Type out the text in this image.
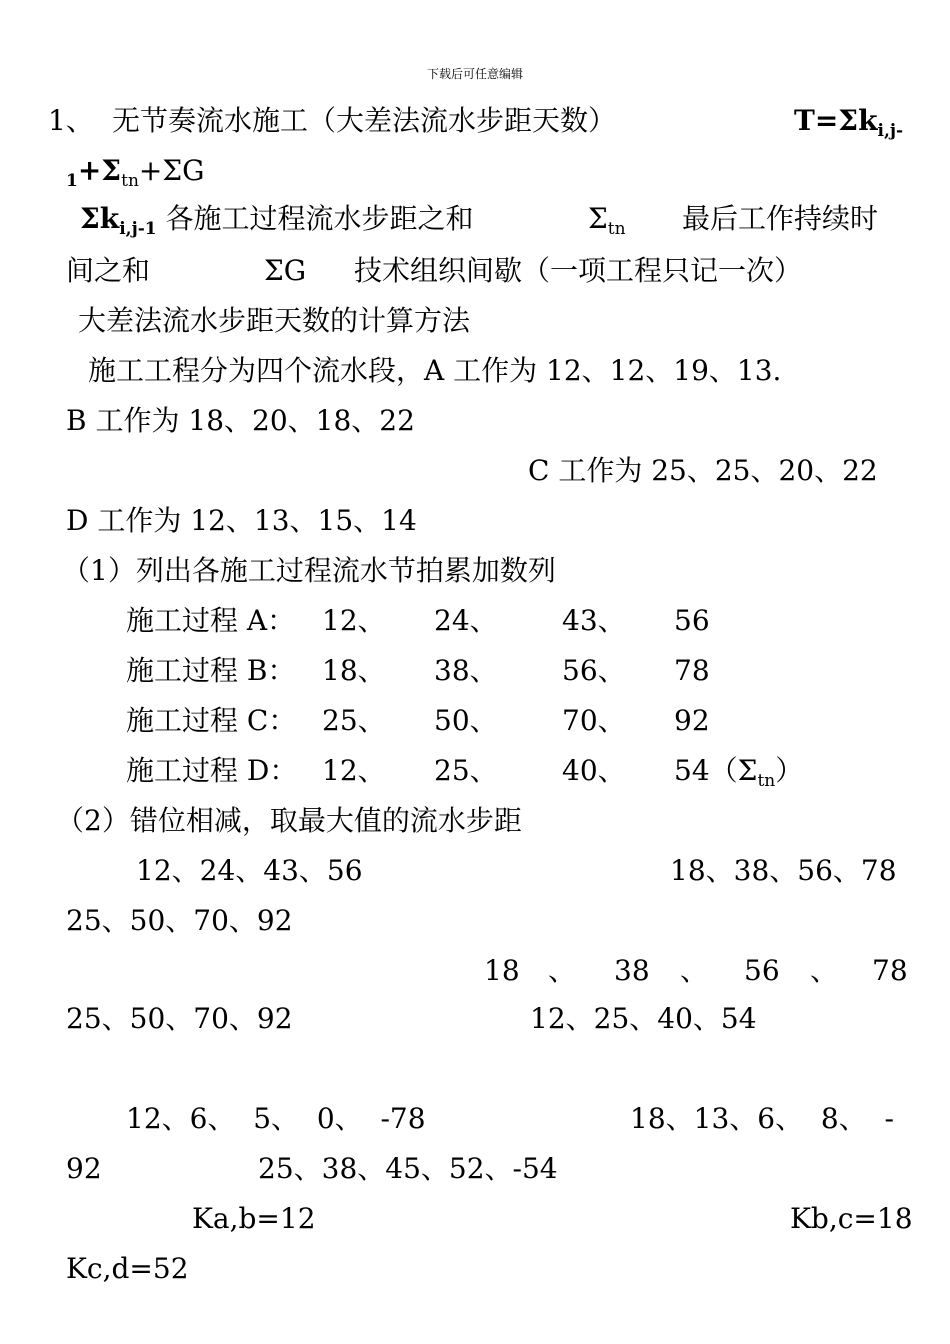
下载后可任意编辑
1、 无节奏流水施工（大差法流水步距天数）	$T=\Sigma k_{i,j-}$
$_1+\Sigma_{tn}+\Sigma G$
$\Sigma k_{i,j-1}$ 各施工过程流水步距之和	$\Sigma_{tn}$ 最后工作持续时
间之和	ΣG 技术组织间歇（一项工程只记一次）
大差法流水步距天数的计算方法
施工工程分为四个流水段，A 工作为 12、12、19、13.
B 工作为 18、20、18、22
C 工作为 25、25、20、22
D 工作为 12、13、15、14
（1）列出各施工过程流水节拍累加数列
施工过程 A： 12、 24、 43、 56
施工过程 B： 18、 38、 56、 78
施工过程 C： 25、 50、 70、 92
施工过程 D： 12、 25、 40、 $54(\Sigma_{tn})$
（2）错位相减，取最大值的流水步距
12、24、43、56	18、38、56、78
25、50、70、92
18 、 38 、 56 、 78
25、50、70、92	12、25、40、54
12、6、  5、  0、  -78	18、13、6、  8、  -
92	25、38、45、52、-54
Ka,b=12	Kb,c=18
Kc,d=52
